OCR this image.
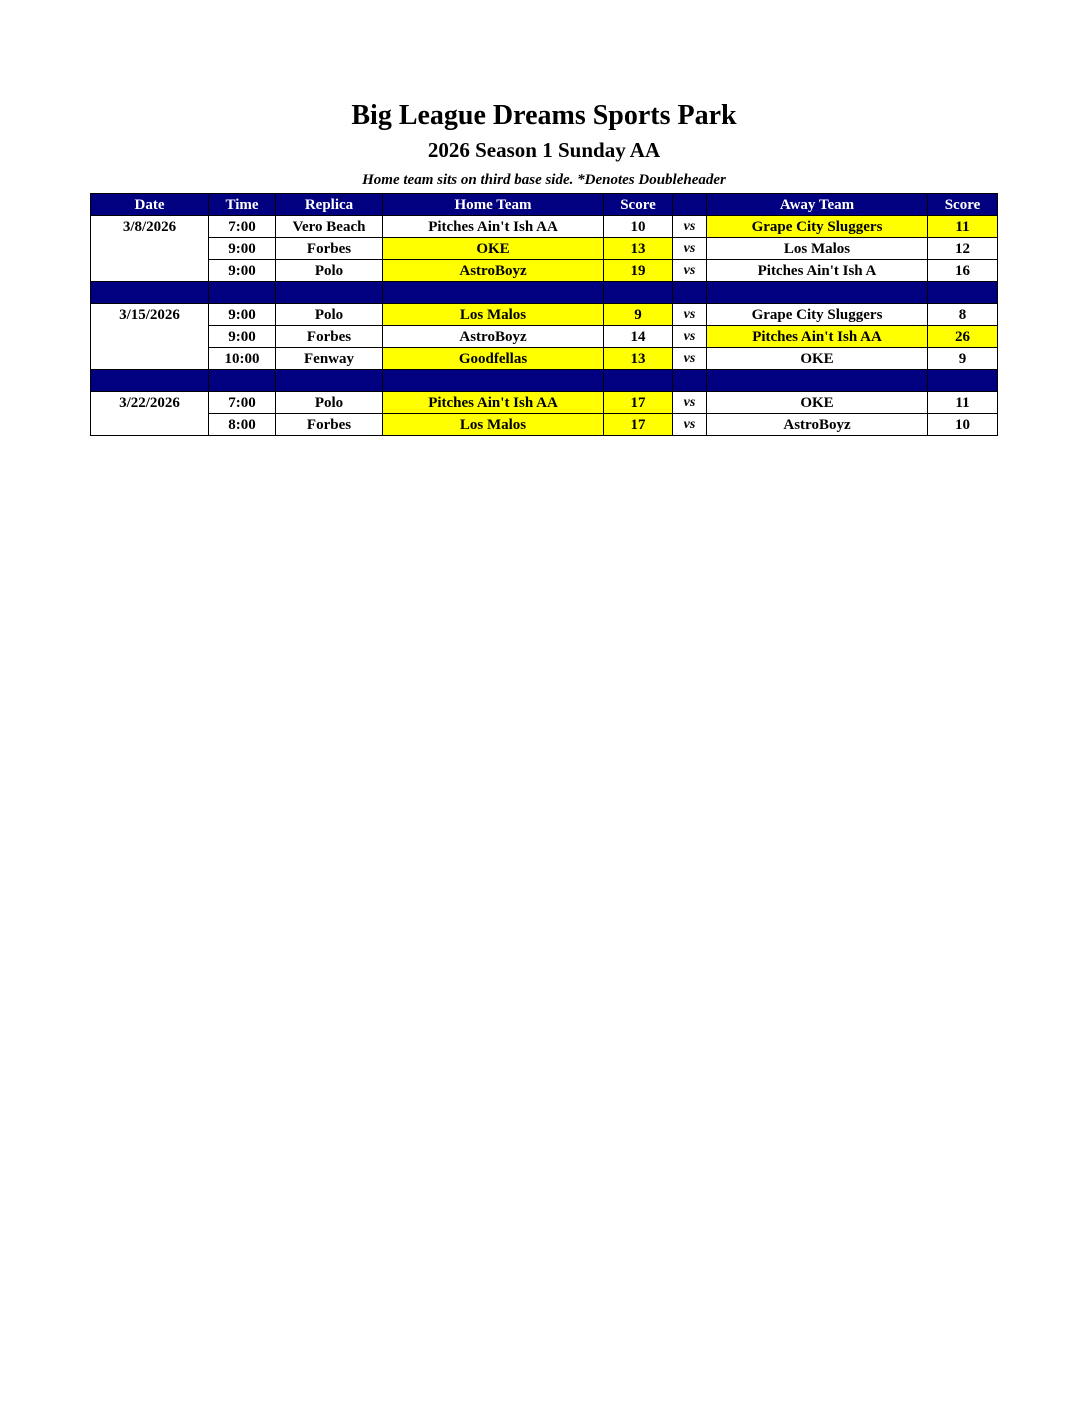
Big League Dreams Sports Park
2026 Season 1 Sunday AA
Home team sits on third base side. *Denotes Doubleheader
Date	Time	Replica	Home Team	Score		Away Team	Score
3/8/2026	7:00	Vero Beach	Pitches Ain't Ish AA	10	vs	Grape City Sluggers	11
	9:00	Forbes	OKE	13	vs	Los Malos	12
	9:00	Polo	AstroBoyz	19	vs	Pitches Ain't Ish A	16

3/15/2026	9:00	Polo	Los Malos	9	vs	Grape City Sluggers	8
	9:00	Forbes	AstroBoyz	14	vs	Pitches Ain't Ish AA	26
	10:00	Fenway	Goodfellas	13	vs	OKE	9

3/22/2026	7:00	Polo	Pitches Ain't Ish AA	17	vs	OKE	11
	8:00	Forbes	Los Malos	17	vs	AstroBoyz	10
